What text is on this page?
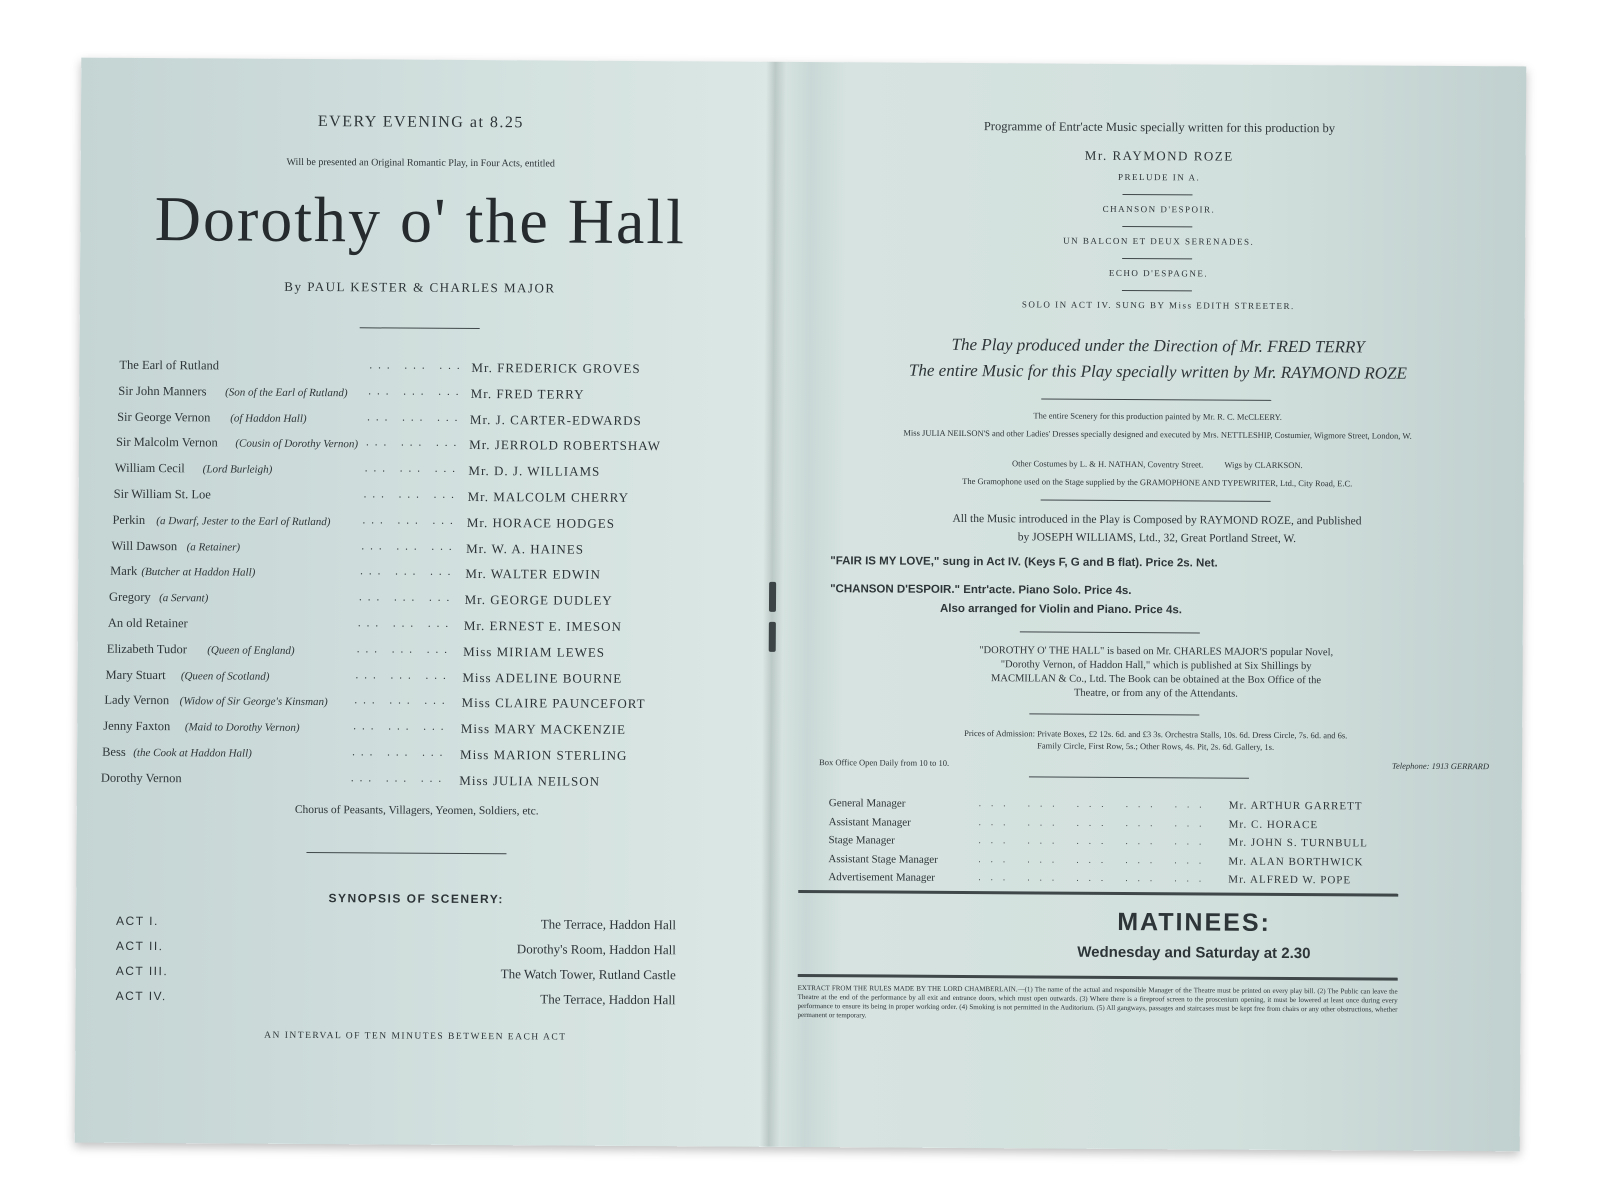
EVERY EVENING at 8.25
Will be presented an Original Romantic Play, in Four Acts, entitled
Dorothy o' the Hall
By PAUL KESTER & CHARLES MAJOR
The Earl of Rutland	... ... ... Mr. FREDERICK GROVES
Sir John Manners (Son of the Earl of Rutland) ... ... ... Mr. FRED TERRY
Sir George Vernon (of Haddon Hall)	... ... ... Mr. J. CARTER-EDWARDS
Sir Malcolm Vernon (Cousin of Dorothy Vernon) ... ... ... Mr. JERROLD ROBERTSHAW
William Cecil (Lord Burleigh)	... ... ... Mr. D. J. WILLIAMS
Sir William St. Loe	... ... ... Mr. MALCOLM CHERRY
Perkin (a Dwarf, Jester to the Earl of Rutland)	... ... ... Mr. HORACE HODGES
Will Dawson (a Retainer)	... ... ... Mr. W. A. HAINES
Mark (Butcher at Haddon Hall)	... ... ... Mr. WALTER EDWIN
Gregory (a Servant)	... ... ... Mr. GEORGE DUDLEY
An old Retainer	... ... ... Mr. ERNEST E. IMESON
Elizabeth Tudor (Queen of England)	... ... ... Miss MIRIAM LEWES
Mary Stuart (Queen of Scotland)	... ... ... Miss ADELINE BOURNE
Lady Vernon (Widow of Sir George's Kinsman) ... ... ... Miss CLAIRE PAUNCEFORT
Jenny Faxton (Maid to Dorothy Vernon)	... ... ... Miss MARY MACKENZIE
Bess (the Cook at Haddon Hall)	... ... ... Miss MARION STERLING
Dorothy Vernon	... ... ... Miss JULIA NEILSON
Chorus of Peasants, Villagers, Yeomen, Soldiers, etc.
SYNOPSIS OF SCENERY:
ACT I.	The Terrace, Haddon Hall
ACT II.	Dorothy's Room, Haddon Hall
ACT III.	The Watch Tower, Rutland Castle
ACT IV.	The Terrace, Haddon Hall
AN INTERVAL OF TEN MINUTES BETWEEN EACH ACT
Programme of Entr'acte Music specially written for this production by
Mr. RAYMOND ROZE
PRELUDE IN A.
CHANSON D'ESPOIR.
UN BALCON ET DEUX SERENADES.
ECHO D'ESPAGNE.
SOLO IN ACT IV. SUNG BY Miss EDITH STREETER.
The Play produced under the Direction of Mr. FRED TERRY
The entire Music for this Play specially written by Mr. RAYMOND ROZE
The entire Scenery for this production painted by Mr. R. C. McCLEERY.
Miss JULIA NEILSON'S and other Ladies' Dresses specially designed and executed by Mrs. NETTLESHIP, Costumier, Wigmore Street, London, W.
Other Costumes by L. & H. NATHAN, Coventry Street.          Wigs by CLARKSON.
The Gramophone used on the Stage supplied by the GRAMOPHONE AND TYPEWRITER, Ltd., City Road, E.C.
All the Music introduced in the Play is Composed by RAYMOND ROZE, and Published
by JOSEPH WILLIAMS, Ltd., 32, Great Portland Street, W.
"FAIR IS MY LOVE," sung in Act IV. (Keys F, G and B flat). Price 2s. Net.
"CHANSON D'ESPOIR." Entr'acte. Piano Solo. Price 4s.
Also arranged for Violin and Piano. Price 4s.
"DOROTHY O' THE HALL" is based on Mr. CHARLES MAJOR'S popular Novel,
"Dorothy Vernon, of Haddon Hall," which is published at Six Shillings by
MACMILLAN & Co., Ltd. The Book can be obtained at the Box Office of the
Theatre, or from any of the Attendants.
Prices of Admission: Private Boxes, £2 12s. 6d. and £3 3s. Orchestra Stalls, 10s. 6d. Dress Circle, 7s. 6d. and 6s.
Family Circle, First Row, 5s.; Other Rows, 4s. Pit, 2s. 6d. Gallery, 1s.
Box Office Open Daily from 10 to 10.	Telephone: 1913 GERRARD
General Manager	... ... ... ... ... Mr. ARTHUR GARRETT
Assistant Manager	... ... ... ... ... Mr. C. HORACE
Stage Manager	... ... ... ... ... Mr. JOHN S. TURNBULL
Assistant Stage Manager	... ... ... ... ... Mr. ALAN BORTHWICK
Advertisement Manager	... ... ... ... ... Mr. ALFRED W. POPE
MATINEES:
Wednesday and Saturday at 2.30
EXTRACT FROM THE RULES MADE BY THE LORD CHAMBERLAIN.—(1) The name of the actual and responsible Manager of the Theatre must be printed on every play bill. (2) The Public can leave the Theatre at the end of the performance by all exit and entrance doors, which must open outwards. (3) Where there is a fireproof screen to the proscenium opening, it must be lowered at least once during every performance to ensure its being in proper working order. (4) Smoking is not permitted in the Auditorium. (5) All gangways, passages and staircases must be kept free from chairs or any other obstructions, whether permanent or temporary.
